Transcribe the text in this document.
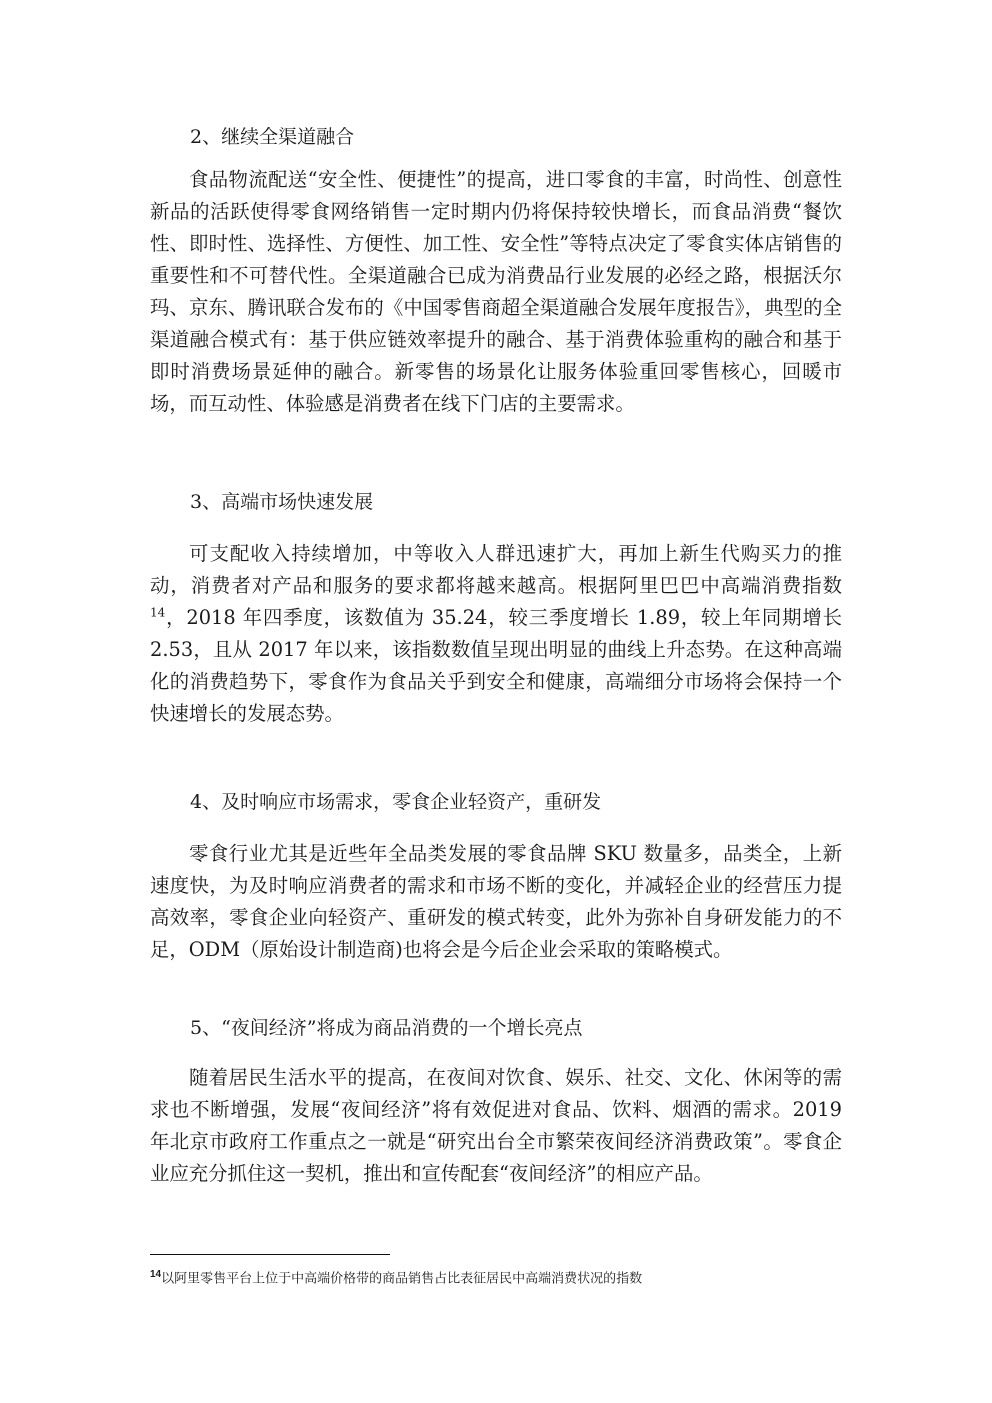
2、继续全渠道融合

食品物流配送“安全性、便捷性”的提高，进口零食的丰富，时尚性、创意性新品的活跃使得零食网络销售一定时期内仍将保持较快增长，而食品消费“餐饮性、即时性、选择性、方便性、加工性、安全性”等特点决定了零食实体店销售的重要性和不可替代性。全渠道融合已成为消费品行业发展的必经之路，根据沃尔玛、京东、腾讯联合发布的《中国零售商超全渠道融合发展年度报告》，典型的全渠道融合模式有：基于供应链效率提升的融合、基于消费体验重构的融合和基于即时消费场景延伸的融合。新零售的场景化让服务体验重回零售核心，回暖市场，而互动性、体验感是消费者在线下门店的主要需求。

3、高端市场快速发展

可支配收入持续增加，中等收入人群迅速扩大，再加上新生代购买力的推动，消费者对产品和服务的要求都将越来越高。根据阿里巴巴中高端消费指数$^{14}$，2018 年四季度，该数值为 35.24，较三季度增长 1.89，较上年同期增长 2.53，且从 2017 年以来，该指数数值呈现出明显的曲线上升态势。在这种高端化的消费趋势下，零食作为食品关乎到安全和健康，高端细分市场将会保持一个快速增长的发展态势。

4、及时响应市场需求，零食企业轻资产，重研发

零食行业尤其是近些年全品类发展的零食品牌 SKU 数量多，品类全，上新速度快，为及时响应消费者的需求和市场不断的变化，并减轻企业的经营压力提高效率，零食企业向轻资产、重研发的模式转变，此外为弥补自身研发能力的不足，ODM（原始设计制造商)也将会是今后企业会采取的策略模式。

5、“夜间经济”将成为商品消费的一个增长亮点

随着居民生活水平的提高，在夜间对饮食、娱乐、社交、文化、休闲等的需求也不断增强，发展“夜间经济”将有效促进对食品、饮料、烟酒的需求。2019 年北京市政府工作重点之一就是“研究出台全市繁荣夜间经济消费政策”。零食企业应充分抓住这一契机，推出和宣传配套“夜间经济”的相应产品。

$^{14}$以阿里零售平台上位于中高端价格带的商品销售占比表征居民中高端消费状况的指数
